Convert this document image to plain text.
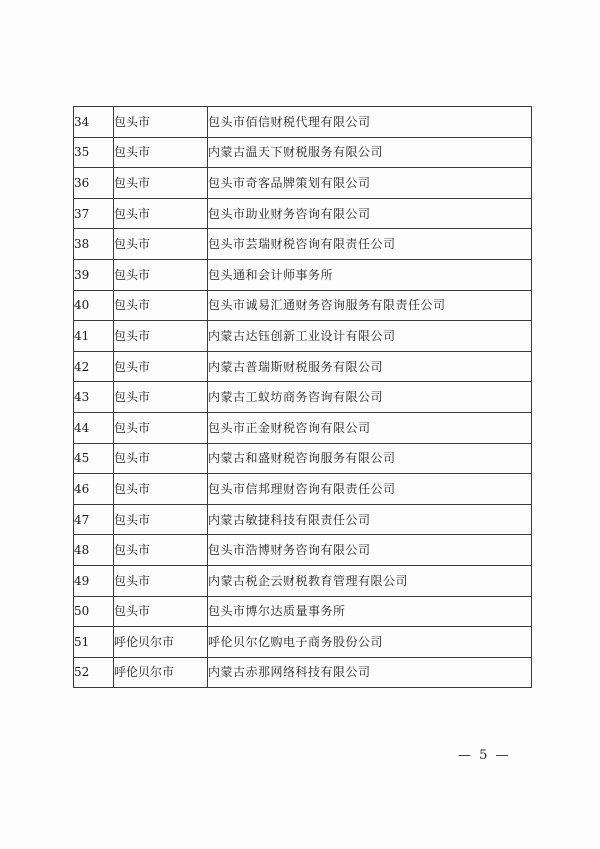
34	包头市	包头市佰信财税代理有限公司
35	包头市	内蒙古温天下财税服务有限公司
36	包头市	包头市奇客品牌策划有限公司
37	包头市	包头市助业财务咨询有限公司
38	包头市	包头市芸瑞财税咨询有限责任公司
39	包头市	包头通和会计师事务所
40	包头市	包头市诚易汇通财务咨询服务有限责任公司
41	包头市	内蒙古达钰创新工业设计有限公司
42	包头市	内蒙古普瑞斯财税服务有限公司
43	包头市	内蒙古工蚁坊商务咨询有限公司
44	包头市	包头市正金财税咨询有限公司
45	包头市	内蒙古和盛财税咨询服务有限公司
46	包头市	包头市信邦理财咨询有限责任公司
47	包头市	内蒙古敏捷科技有限责任公司
48	包头市	包头市浩博财务咨询有限公司
49	包头市	内蒙古税企云财税教育管理有限公司
50	包头市	包头市博尔达质量事务所
51	呼伦贝尔市	呼伦贝尔亿购电子商务股份公司
52	呼伦贝尔市	内蒙古赤那网络科技有限公司
— 5 —
